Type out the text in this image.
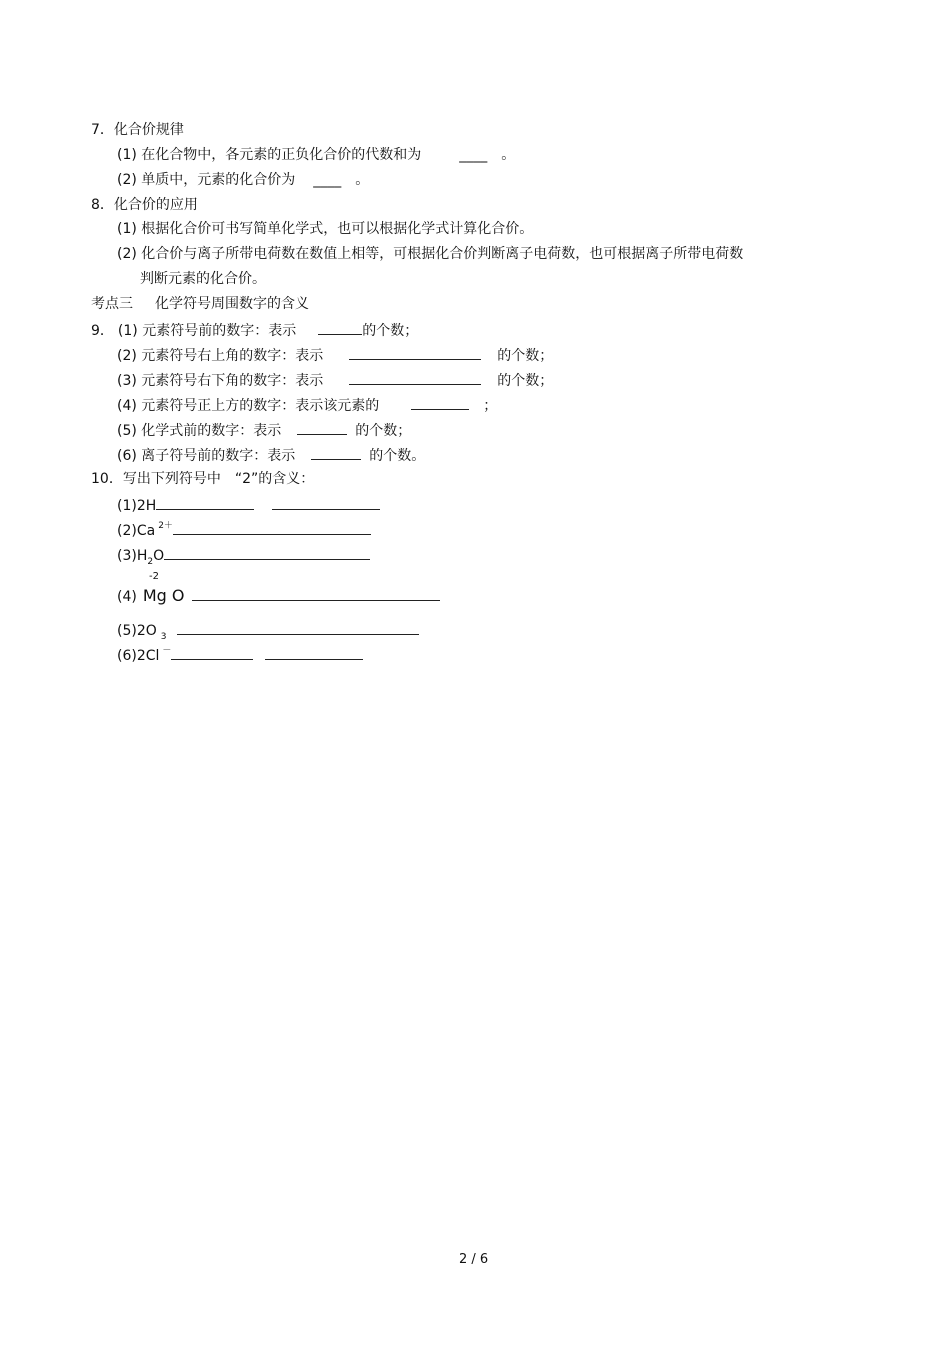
7．化合价规律
(1) 在化合物中，各元素的正负化合价的代数和为	____ 。
(2) 单质中，元素的化合价为 ____ 。
8．化合价的应用
(1) 根据化合价可书写简单化学式，也可以根据化学式计算化合价。
(2) 化合价与离子所带电荷数在数值上相等，可根据化合价判断离子电荷数，也可根据离子所带电荷数
判断元素的化合价。
考点三 化学符号周围数字的含义
9． (1) 元素符号前的数字：表示	的个数；
(2) 元素符号右上角的数字：表示	的个数；
(3) 元素符号右下角的数字：表示	的个数；
(4) 元素符号正上方的数字：表示该元素的	；
(5) 化学式前的数字：表示	的个数；
(6) 离子符号前的数字：表示	的个数。
10．写出下列符号中　“2”的含义：
(1)2H
(2)Ca $^{2+}$
$(3)H_2O$
-2
(4) Mg O
(5)2O $_3$
(6)2Cl －
2 / 6
